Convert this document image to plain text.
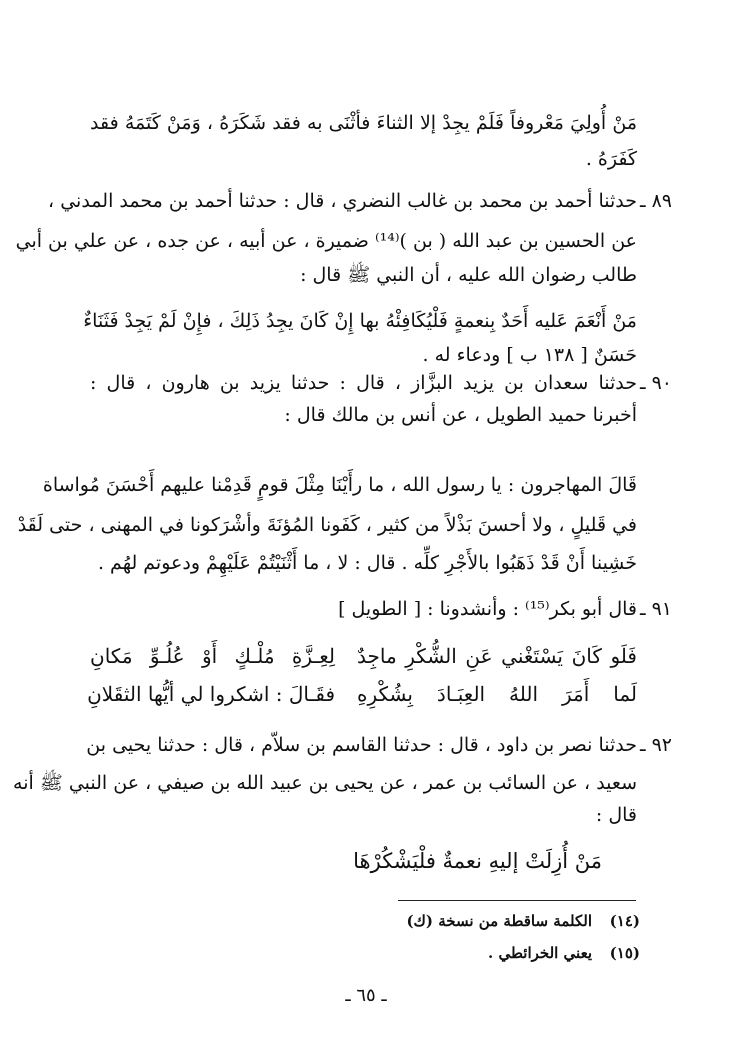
مَنْ أُولِيَ مَعْروفاً فَلَمْ يجِدْ إلا الثناءَ فأثْنَى به فقد شَكَرَهُ ، وَمَنْ كَتَمَهُ فقد
كَفَرَهُ .
٨٩ ـ
حدثنا أحمد بن محمد بن غالب النضري ، قال : حدثنا أحمد بن محمد المدني ،
عن الحسين بن عبد الله ( بن )⁽¹⁴⁾ ضميرة ، عن أبيه ، عن جده ، عن علي بن أبي
طالب رضوان الله عليه ، أن النبي ﷺ قال :
مَنْ أَنْعَمَ عَليه أَحَدٌ بِنعمةٍ فَلْيُكَافِئْهُ بها إِنْ كَانَ يجِدُ ذَلِكَ ، فإِنْ لَمْ يَجِدْ فَثَنَاءٌ
حَسَنٌ [ ١٣٨ ب ] ودعاء له .
٩٠ ـ
حدثنا سعدان بن يزيد البزَّاز ، قال : حدثنا يزيد بن هارون ، قال :
أخبرنا حميد الطويل ، عن أنس بن مالك قال :
قَالَ المهاجرون : يا رسول الله ، ما رأَيْنَا مِثْلَ قومٍ قَدِمْنا عليهم أَحْسَنَ مُواساة
في قَليلٍ ، ولا أحسنَ بَذْلاً من كثير ، كَفَونا المُؤنَةَ وأشْرَكونا في المهنى ، حتى لَقَدْ
خَشِينا أَنْ قَدْ ذَهَبُوا بالأَجْرِ كلِّه . قال : لا ، ما أَثْنَيْتُمْ عَلَيْهِمْ ودعوتم لهُم .
٩١ ـ
قال أبو بكر⁽¹⁵⁾ : وأنشدونا : [ الطويل ]
فَلَو كَانَ يَسْتَغْني عَنِ الشُّكْرِ ماجِدٌ
لِعِـزَّةِ مُلْـكٍ أَوْ عُلُـوِّ مَكانِ
لَما أَمَرَ اللهُ العِبَـادَ بِشُكْرِهِ
فقَـالَ : اشكروا لي أيُّها الثقَلانِ
٩٢ ـ
حدثنا نصر بن داود ، قال : حدثنا القاسم بن سلاّم ، قال : حدثنا يحيى بن
سعيد ، عن السائب بن عمر ، عن يحيى بن عبيد الله بن صيفي ، عن النبي ﷺ أنه
قال :
مَنْ أُزِلَتْ إليهِ نعمةٌ فلْيَشْكُرْهَا
(١٤)
الكلمة ساقطة من نسخة (ك)
(١٥)
يعني الخرائطي .
ـ ٦٥ ـ
